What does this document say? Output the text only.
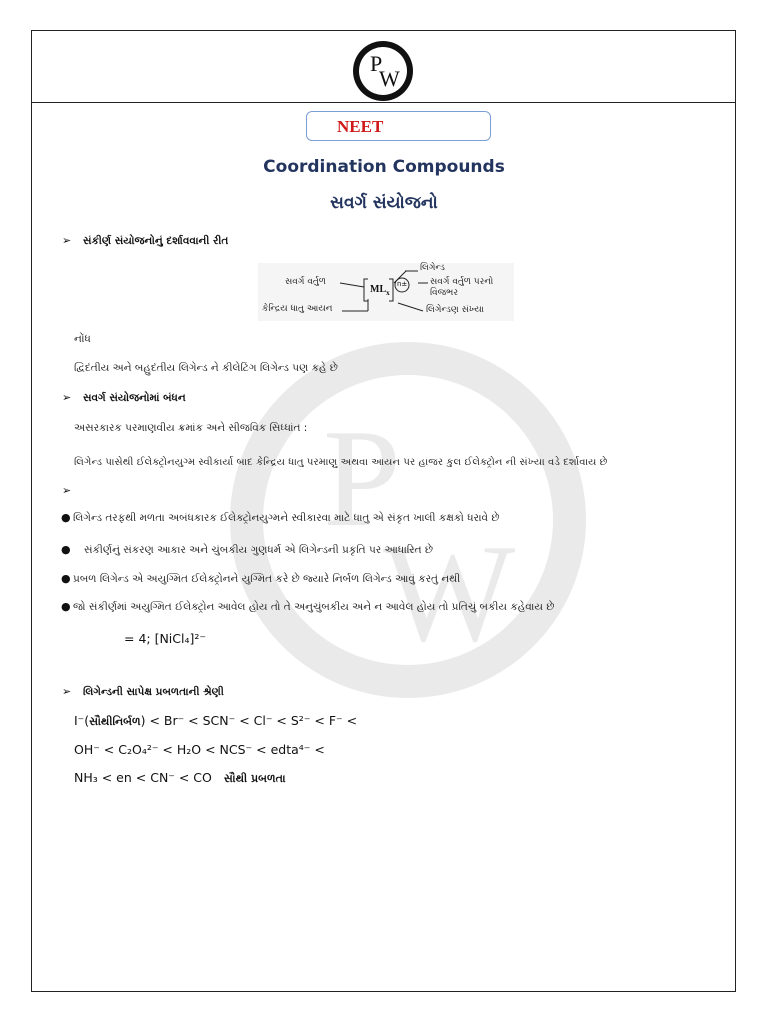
P
W
P
W
NEET
Coordination Compounds
સવર્ગ સંયોજનો
➢ સંકીર્ણ સંયોજનોનું દર્શાવવાની રીત
સવર્ગ વર્તુળ
કેન્દ્રિય ધાતુ આયન
$ML_x$
n±
લિગેન્ડ
સવર્ગ વર્તુળ પરનો વિજભર
લિગેન્ડણ સંખ્યા
નોંધ
દ્વિદંતીય અને બહુદંતીય લિગેન્ડ ને કીલેટિંગ લિગેન્ડ પણ કહે છે
➢ સવર્ગ સંયોજનોમાં બંધન
અસરકારક પરમાણવીય ક્રમાંક અને સીજવિક સિધ્ધાંત :
લિગેન્ડ પાસેથી ઈલેક્ટ્રોનયુગ્મ સ્વીકાર્યા બાદ કેન્દ્રિય ધાતુ પરમાણુ અથવા આયન પર હાજર કુલ ઈલેક્ટ્રોન ની સંખ્યા વડે દર્શાવાય છે
➢
● લિગેન્ડ તરફથી મળતા અબંધકારક ઈલેક્ટ્રોનયુગ્મને સ્વીકારવા માટે ધાતુ એ સંકૃત ખાલી કક્ષકો ધરાવે છે
● સંકીર્ણનું સંકરણ આકાર અને ચુંબકીય ગુણધર્મ એ લિગેન્ડની પ્રકૃતિ પર આધારિત છે
● પ્રબળ લિગેન્ડ એ અયુગ્મિત ઈલેક્ટ્રોનને યુગ્મિત કરે છે જ્યારે નિર્બળ લિગેન્ડ આવું કરતું નથી
● જો સંકીર્ણમાં અયુગ્મિત ઈલેક્ટ્રોન આવેલ હોય તો તે અનુચુંબકીય અને ન આવેલ હોય તો પ્રતિચું બકીય કહેવાય છે
= 4; [NiCl₄]²⁻
➢ લિગેન્ડની સાપેક્ષ પ્રબળતાની શ્રેણી
I⁻(સૌથીનિર્બળ) < Br⁻ < SCN⁻ < Cl⁻ < S²⁻ < F⁻ <
OH⁻ < C₂O₄²⁻ < H₂O < NCS⁻ < edta⁴⁻ <
NH₃ < en < CN⁻ < CO સૌથી પ્રબળતા
